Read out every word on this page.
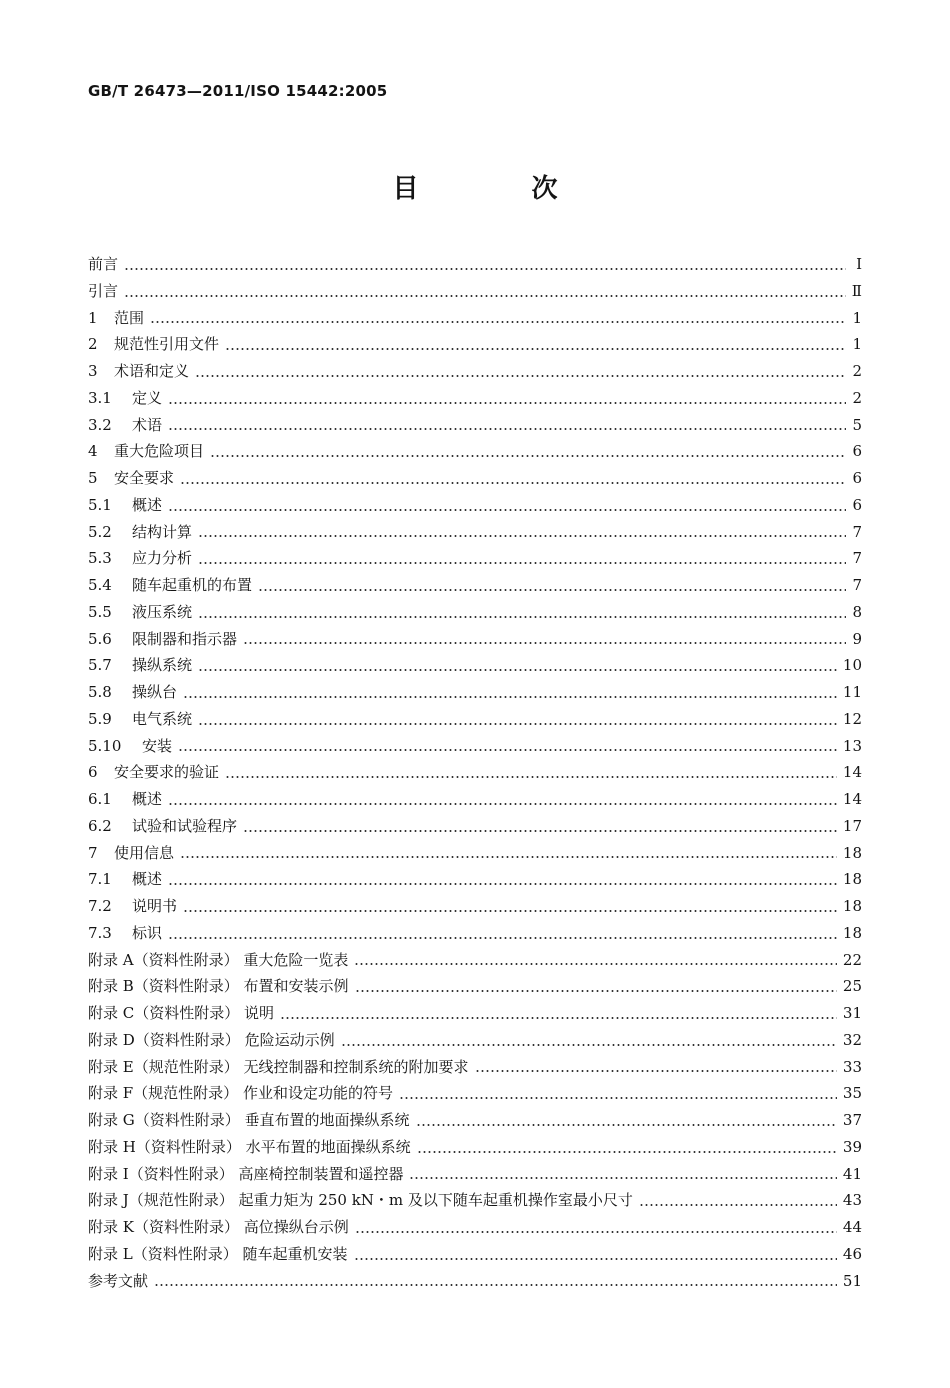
GB/T 26473—2011/ISO 15442:2005
目 次
前言	Ⅰ
引言	Ⅱ
1	范围	1
2	规范性引用文件	1
3	术语和定义	2
3.1	定义	2
3.2	术语	5
4	重大危险项目	6
5	安全要求	6
5.1	概述	6
5.2	结构计算	7
5.3	应力分析	7
5.4	随车起重机的布置	7
5.5	液压系统	8
5.6	限制器和指示器	9
5.7	操纵系统	10
5.8	操纵台	11
5.9	电气系统	12
5.10	安装	13
6	安全要求的验证	14
6.1	概述	14
6.2	试验和试验程序	17
7	使用信息	18
7.1	概述	18
7.2	说明书	18
7.3	标识	18
附录 A（资料性附录） 重大危险一览表	22
附录 B（资料性附录） 布置和安装示例	25
附录 C（资料性附录） 说明	31
附录 D（资料性附录） 危险运动示例	32
附录 E（规范性附录） 无线控制器和控制系统的附加要求	33
附录 F（规范性附录） 作业和设定功能的符号	35
附录 G（资料性附录） 垂直布置的地面操纵系统	37
附录 H（资料性附录） 水平布置的地面操纵系统	39
附录 I（资料性附录） 高座椅控制装置和遥控器	41
附录 J（规范性附录） 起重力矩为 250 kN・m 及以下随车起重机操作室最小尺寸	43
附录 K（资料性附录） 高位操纵台示例	44
附录 L（资料性附录） 随车起重机安装	46
参考文献	51
